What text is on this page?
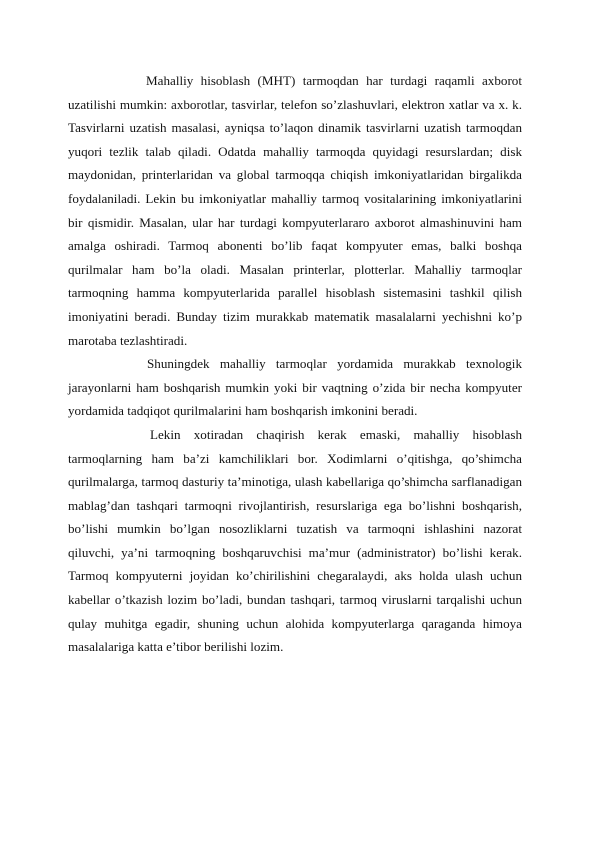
Mahalliy hisoblash (MHT) tarmoqdan har turdagi raqamli axborot uzatilishi mumkin: axborotlar, tasvirlar, telefon so’zlashuvlari, elektron xatlar va x. k. Tasvirlarni uzatish masalasi, ayniqsa to’laqon dinamik tasvirlarni uzatish tarmoqdan yuqori tezlik talab qiladi. Odatda mahalliy tarmoqda quyidagi resurslardan; disk maydonidan, printerlaridan va global tarmoqqa chiqish imkoniyatlaridan birgalikda foydalaniladi. Lekin bu imkoniyatlar mahalliy tarmoq vositalarining imkoniyatlarini bir qismidir. Masalan, ular har turdagi kompyuterlararo axborot almashinuvini ham amalga oshiradi. Tarmoq abonenti bo’lib faqat kompyuter emas, balki boshqa qurilmalar ham bo’la oladi. Masalan printerlar, plotterlar. Mahalliy tarmoqlar tarmoqning hamma kompyuterlarida parallel hisoblash sistemasini tashkil qilish imoniyatini beradi. Bunday tizim murakkab matematik masalalarni yechishni ko’p marotaba tezlashtiradi.

Shuningdek mahalliy tarmoqlar yordamida murakkab texnologik jarayonlarni ham boshqarish mumkin yoki bir vaqtning o’zida bir necha kompyuter yordamida tadqiqot qurilmalarini ham boshqarish imkonini beradi.

Lekin xotiradan chaqirish kerak emaski, mahalliy hisoblash tarmoqlarning ham ba’zi kamchiliklari bor. Xodimlarni o’qitishga, qo’shimcha qurilmalarga, tarmoq dasturiy ta’minotiga, ulash kabellariga qo’shimcha sarflanadigan mablag’dan tashqari tarmoqni rivojlantirish, resurslariga ega bo’lishni boshqarish, bo’lishi mumkin bo’lgan nosozliklarni tuzatish va tarmoqni ishlashini nazorat qiluvchi, ya’ni tarmoqning boshqaruvchisi ma’mur (administrator) bo’lishi kerak. Tarmoq kompyuterni joyidan ko’chirilishini chegaralaydi, aks holda ulash uchun kabellar o’tkazish lozim bo’ladi, bundan tashqari, tarmoq viruslarni tarqalishi uchun qulay muhitga egadir, shuning uchun alohida kompyuterlarga qaraganda himoya masalalariga katta e’tibor berilishi lozim.
